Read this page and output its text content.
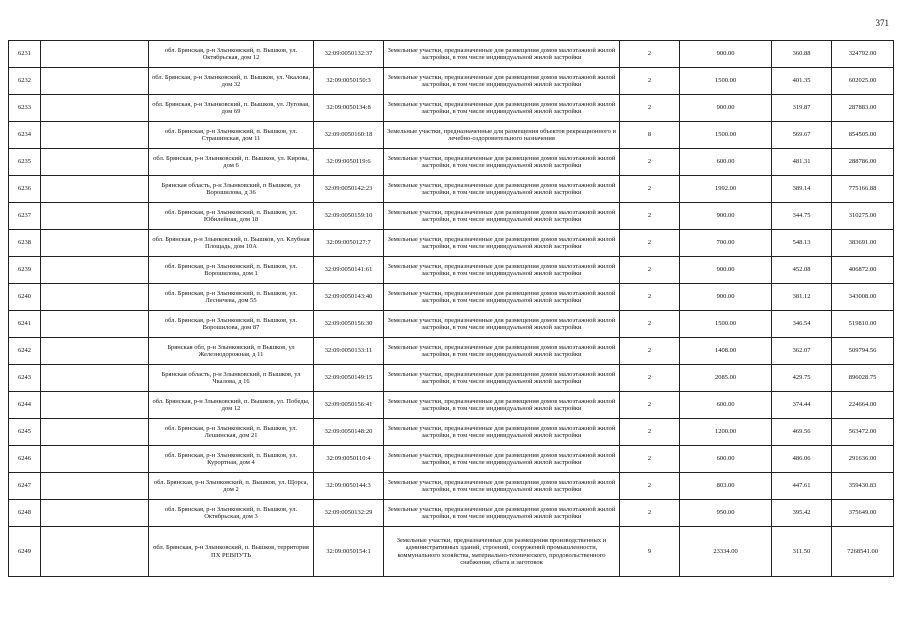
371
6231		обл. Брянская, р-н Злынковский, п. Вышков, ул. Октябрьская, дом 12	32:09:0050132:37	Земельные участки, предназначенные для размещения домов малоэтажной жилой застройки, в том числе индивидуальной жилой застройки	2	900.00	360.88	324792.00
6232		обл. Брянская, р-н Злынковский, п. Вышков, ул. Чкалова, дом 32	32:09:0050150:3	Земельные участки, предназначенные для размещения домов малоэтажной жилой застройки, в том числе индивидуальной жилой застройки	2	1500.00	401.35	602025.00
6233		обл. Брянская, р-н Злынковский, п. Вышков, ул. Луговая, дом 69	32:09:0050134:8	Земельные участки, предназначенные для размещения домов малоэтажной жилой застройки, в том числе индивидуальной жилой застройки	2	900.00	319.87	287883.00
6234		обл. Брянская, р-н Злынковский, п. Вышков, ул. Страшинская, дом 11	32:09:0050160:18	Земельные участки, предназначенные для размещения объектов рекреационного и лечебно-оздоровительного назначения	8	1500.00	569.67	854505.00
6235		обл. Брянская, р-н Злынковский, п. Вышков, ул. Кирова, дом 6	32:09:0050119:6	Земельные участки, предназначенные для размещения домов малоэтажной жилой застройки, в том числе индивидуальной жилой застройки	2	600.00	481.31	288786.00
6236		Брянская область, р-н Злынковский, п Вышков, ул Ворошилова, д 36	32:09:0050142:23	Земельные участки, предназначенные для размещения домов малоэтажной жилой застройки, в том числе индивидуальной жилой застройки	2	1992.00	389.14	775166.88
6237		обл. Брянская, р-н Злынковский, п. Вышков, ул. Юбилейная, дом 18	32:09:0050159:10	Земельные участки, предназначенные для размещения домов малоэтажной жилой застройки, в том числе индивидуальной жилой застройки	2	900.00	344.75	310275.00
6238		обл. Брянская, р-н Злынковский, п. Вышков, ул. Клубная Площадь, дом 10А	32:09:0050127:7	Земельные участки, предназначенные для размещения домов малоэтажной жилой застройки, в том числе индивидуальной жилой застройки	2	700.00	548.13	383691.00
6239		обл. Брянская, р-н Злынковский, п. Вышков, ул. Ворошилова, дом 1	32:09:0050141:61	Земельные участки, предназначенные для размещения домов малоэтажной жилой застройки, в том числе индивидуальной жилой застройки	2	900.00	452.08	406872.00
6240		обл. Брянская, р-н Злынковский, п. Вышков, ул. Лесничева, дом 55	32:09:0050143:40	Земельные участки, предназначенные для размещения домов малоэтажной жилой застройки, в том числе индивидуальной жилой застройки	2	900.00	381.12	343008.00
6241		обл. Брянская, р-н Злынковский, п. Вышков, ул. Ворошилова, дом 87	32:09:0050156:30	Земельные участки, предназначенные для размещения домов малоэтажной жилой застройки, в том числе индивидуальной жилой застройки	2	1500.00	346.54	519810.00
6242		Брянская обл, р-н Злынковский, п Вышков, ул Железнодорожная, д 11	32:09:0050133:11	Земельные участки, предназначенные для размещения домов малоэтажной жилой застройки, в том числе индивидуальной жилой застройки	2	1408.00	362.07	509794.56
6243		Брянская область, р-н Злынковский, п Вышков, ул Чкалова, д 16	32:09:0050149:15	Земельные участки, предназначенные для размещения домов малоэтажной жилой застройки, в том числе индивидуальной жилой застройки	2	2085.00	429.75	896028.75
6244		обл. Брянская, р-н Злынковский, п. Вышков, ул. Победы, дом 12	32:09:0050156:41	Земельные участки, предназначенные для размещения домов малоэтажной жилой застройки, в том числе индивидуальной жилой застройки	2	600.00	374.44	224664.00
6245		обл. Брянская, р-н Злынковский, п. Вышков, ул. Лешинская, дом 21	32:09:0050148:20	Земельные участки, предназначенные для размещения домов малоэтажной жилой застройки, в том числе индивидуальной жилой застройки	2	1200.00	469.56	563472.00
6246		обл. Брянская, р-н Злынковский, п. Вышков, ул. Курортная, дом 4	32:09:0050110:4	Земельные участки, предназначенные для размещения домов малоэтажной жилой застройки, в том числе индивидуальной жилой застройки	2	600.00	486.06	291636.00
6247		обл. Брянская, р-н Злынковский, п. Вышков, ул. Щорса, дом 2	32:09:0050144:3	Земельные участки, предназначенные для размещения домов малоэтажной жилой застройки, в том числе индивидуальной жилой застройки	2	803.00	447.61	359430.83
6248		обл. Брянская, р-н Злынковский, п. Вышков, ул. Октябрьская, дом 3	32:09:0050132:29	Земельные участки, предназначенные для размещения домов малоэтажной жилой застройки, в том числе индивидуальной жилой застройки	2	950.00	395.42	375649.00
6249		обл. Брянская, р-н Злынковский, п. Вышков, территория ПХ РЕВПУТЬ	32:09:0050154:1	Земельные участки, предназначенные для размещения производственных и административных зданий, строений, сооружений промышленности, коммунального хозяйства, материально-технического, продовольственного снабжения, сбыта и заготовок	9	23334.00	311.50	7268541.00
